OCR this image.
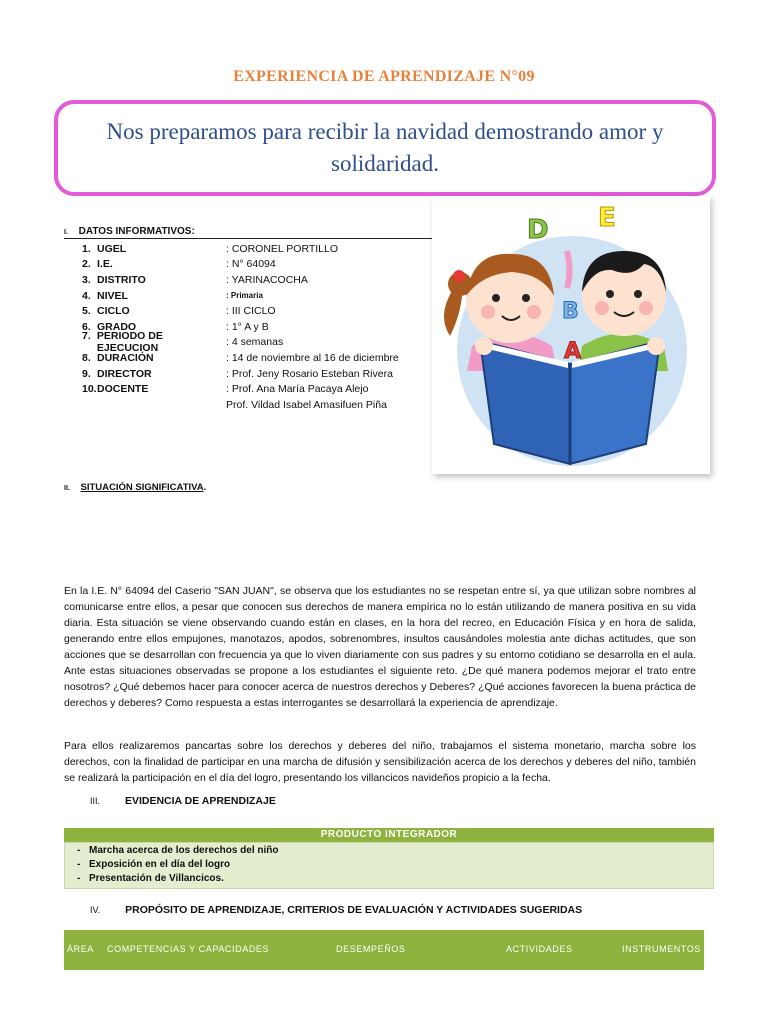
EXPERIENCIA DE APRENDIZAJE N°09
Nos preparamos para recibir la navidad demostrando amor y solidaridad.
I. DATOS INFORMATIVOS:
1. UGEL	: CORONEL PORTILLO
2. I.E.	: N° 64094
3. DISTRITO	: YARINACOCHA
4. NIVEL	: Primaria
5. CICLO	: III CICLO
6. GRADO	: 1° A y B
7. PERIODO DE EJECUCION	: 4 semanas
8. DURACIÓN	: 14 de noviembre al 16 de diciembre
9. DIRECTOR	: Prof. Jeny Rosario Esteban Rivera
10. DOCENTE	: Prof. Ana María Pacaya Alejo
Prof. Vildad Isabel Amasifuen Piña
D E
B
A
II. SITUACIÓN SIGNIFICATIVA.

En la I.E. N° 64094 del Caserio "SAN JUAN", se observa que los estudiantes no se respetan entre sí, ya que utilizan sobre nombres al comunicarse entre ellos, a pesar que conocen sus derechos de manera empírica no lo están utilizando de manera positiva en su vida diaria. Esta situación se viene observando cuando están en clases, en la hora del recreo, en Educación Física y en hora de salida, generando entre ellos empujones, manotazos, apodos, sobrenombres, insultos causándoles molestia ante dichas actitudes, que son acciones que se desarrollan con frecuencia ya que lo viven diariamente con sus padres y su entorno cotidiano se desarrolla en el aula. Ante estas situaciones observadas se propone a los estudiantes el siguiente reto. ¿De qué manera podemos mejorar el trato entre nosotros? ¿Qué debemos hacer para conocer acerca de nuestros derechos y Deberes? ¿Qué acciones favorecen la buena práctica de derechos y deberes? Como respuesta a estas interrogantes se desarrollará la experiencia de aprendizaje.

Para ellos realizaremos pancartas sobre los derechos y deberes del niño, trabajamos el sistema monetario, marcha sobre los derechos, con la finalidad de participar en una marcha de difusión y sensibilización acerca de los derechos y deberes del niño, también se realizará la participación en el día del logro, presentando los villancicos navideños propicio a la fecha.

III. EVIDENCIA DE APRENDIZAJE
PRODUCTO INTEGRADOR
- Marcha acerca de los derechos del niño
- Exposición en el día del logro
- Presentación de Villancicos.
IV. PROPÓSITO DE APRENDIZAJE, CRITERIOS DE EVALUACIÓN Y ACTIVIDADES SUGERIDAS
ÁREA COMPETENCIAS Y CAPACIDADES	DESEMPEÑOS	ACTIVIDADES	INSTRUMENTOS
